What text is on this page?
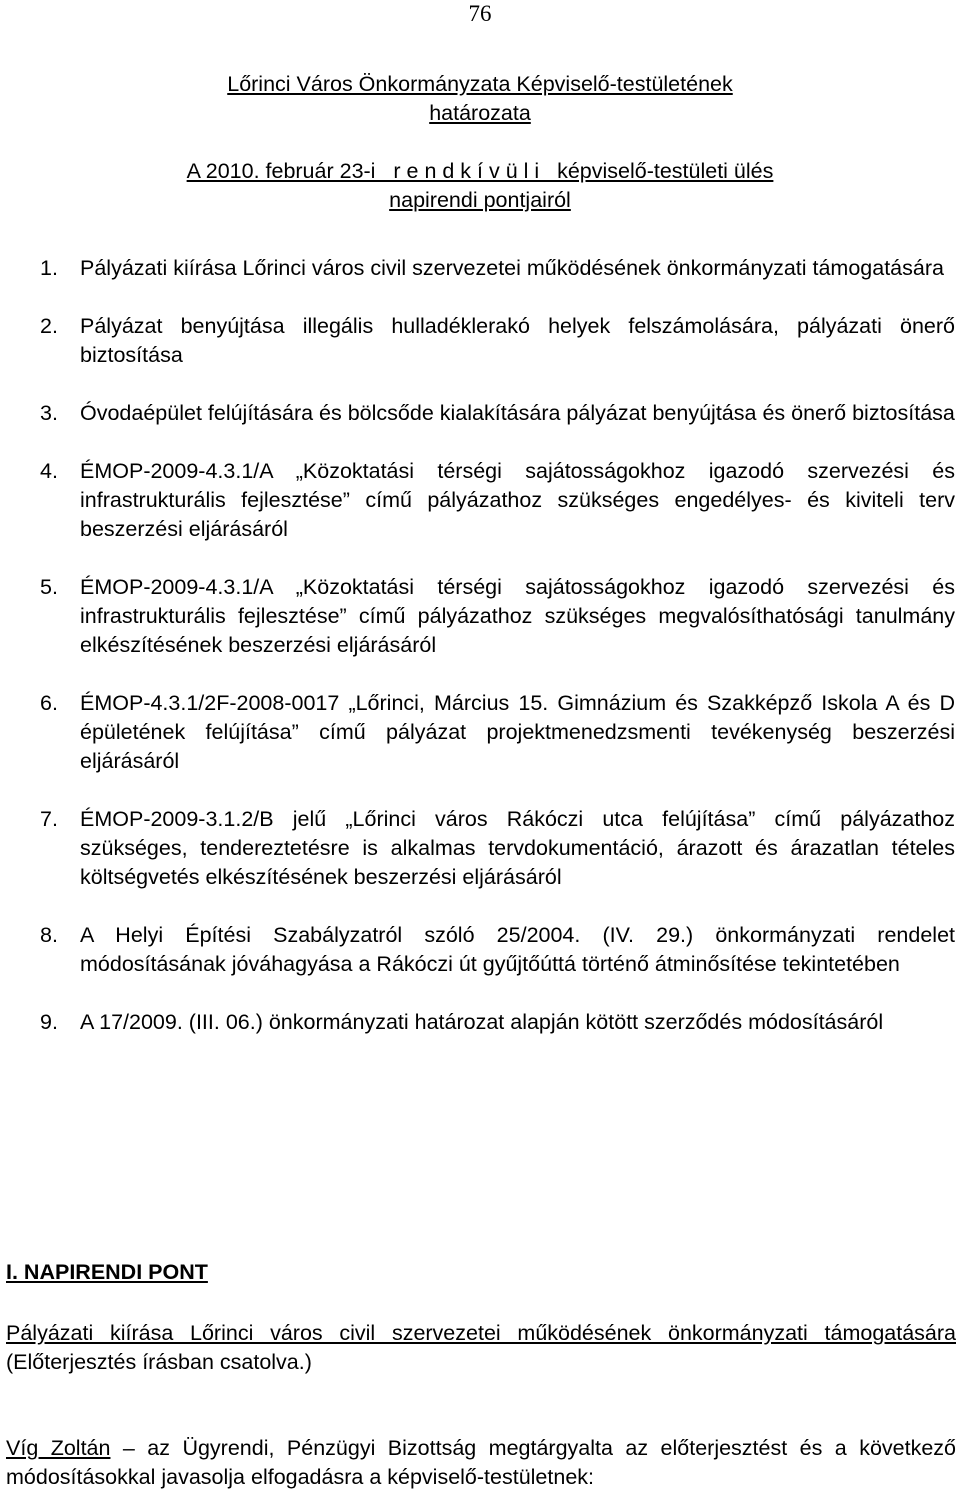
76
Lőrinci Város Önkormányzata Képviselő-testületének
határozata
A 2010. február 23-i   r e n d k í v ü l i   képviselő-testületi ülés
napirendi pontjairól
1. Pályázati kiírása Lőrinci város civil szervezetei működésének önkormányzati támogatására
2. Pályázat benyújtása illegális hulladéklerakó helyek felszámolására, pályázati önerő biztosítása
3. Óvodaépület felújítására és bölcsőde kialakítására pályázat benyújtása és önerő biztosítása
4. ÉMOP-2009-4.3.1/A „Közoktatási térségi sajátosságokhoz igazodó szervezési és infrastrukturális fejlesztése” című pályázathoz szükséges engedélyes- és kiviteli terv beszerzési eljárásáról
5. ÉMOP-2009-4.3.1/A „Közoktatási térségi sajátosságokhoz igazodó szervezési és infrastrukturális fejlesztése” című pályázathoz szükséges megvalósíthatósági tanulmány elkészítésének beszerzési eljárásáról
6. ÉMOP-4.3.1/2F-2008-0017 „Lőrinci, Március 15. Gimnázium és Szakképző Iskola A és D épületének felújítása” című pályázat projektmenedzsmenti tevékenység beszerzési eljárásáról
7. ÉMOP-2009-3.1.2/B jelű „Lőrinci város Rákóczi utca felújítása” című pályázathoz szükséges, tendereztetésre is alkalmas tervdokumentáció, árazott és árazatlan tételes költségvetés elkészítésének beszerzési eljárásáról
8. A Helyi Építési Szabályzatról szóló 25/2004. (IV. 29.) önkormányzati rendelet módosításának jóváhagyása a Rákóczi út gyűjtőúttá történő átminősítése tekintetében
9. A 17/2009. (III. 06.) önkormányzati határozat alapján kötött szerződés módosításáról
I. NAPIRENDI PONT
Pályázati kiírása Lőrinci város civil szervezetei működésének önkormányzati támogatására (Előterjesztés írásban csatolva.)
Víg Zoltán – az Ügyrendi, Pénzügyi Bizottság megtárgyalta az előterjesztést és a következő módosításokkal javasolja elfogadásra a képviselő-testületnek:
